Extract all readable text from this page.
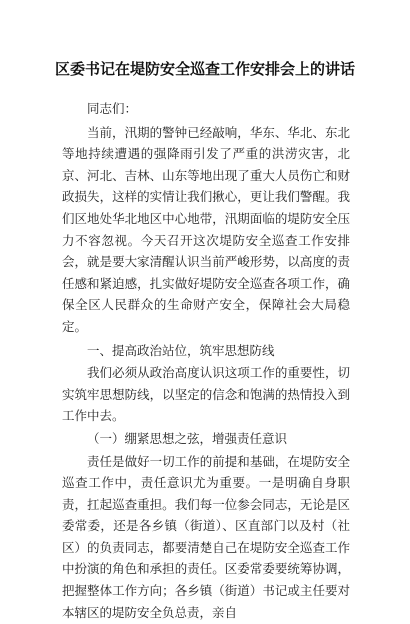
区委书记在堤防安全巡查工作安排会上的讲话

同志们：

当前，汛期的警钟已经敲响，华东、华北、东北等地持续遭遇的强降雨引发了严重的洪涝灾害，北京、河北、吉林、山东等地出现了重大人员伤亡和财政损失，这样的实情让我们揪心，更让我们警醒。我们区地处华北地区中心地带，汛期面临的堤防安全压力不容忽视。今天召开这次堤防安全巡查工作安排会，就是要大家清醒认识当前严峻形势，以高度的责任感和紧迫感，扎实做好堤防安全巡查各项工作，确保全区人民群众的生命财产安全，保障社会大局稳定。

一、提高政治站位，筑牢思想防线

我们必须从政治高度认识这项工作的重要性，切实筑牢思想防线，以坚定的信念和饱满的热情投入到工作中去。

（一）绷紧思想之弦，增强责任意识

责任是做好一切工作的前提和基础，在堤防安全巡查工作中，责任意识尤为重要。一是明确自身职责，扛起巡查重担。我们每一位参会同志，无论是区委常委，还是各乡镇（街道）、区直部门以及村（社区）的负责同志，都要清楚自己在堤防安全巡查工作中扮演的角色和承担的责任。区委常委要统筹协调，把握整体工作方向；各乡镇（街道）书记或主任要对本辖区的堤防安全负总责，亲自
